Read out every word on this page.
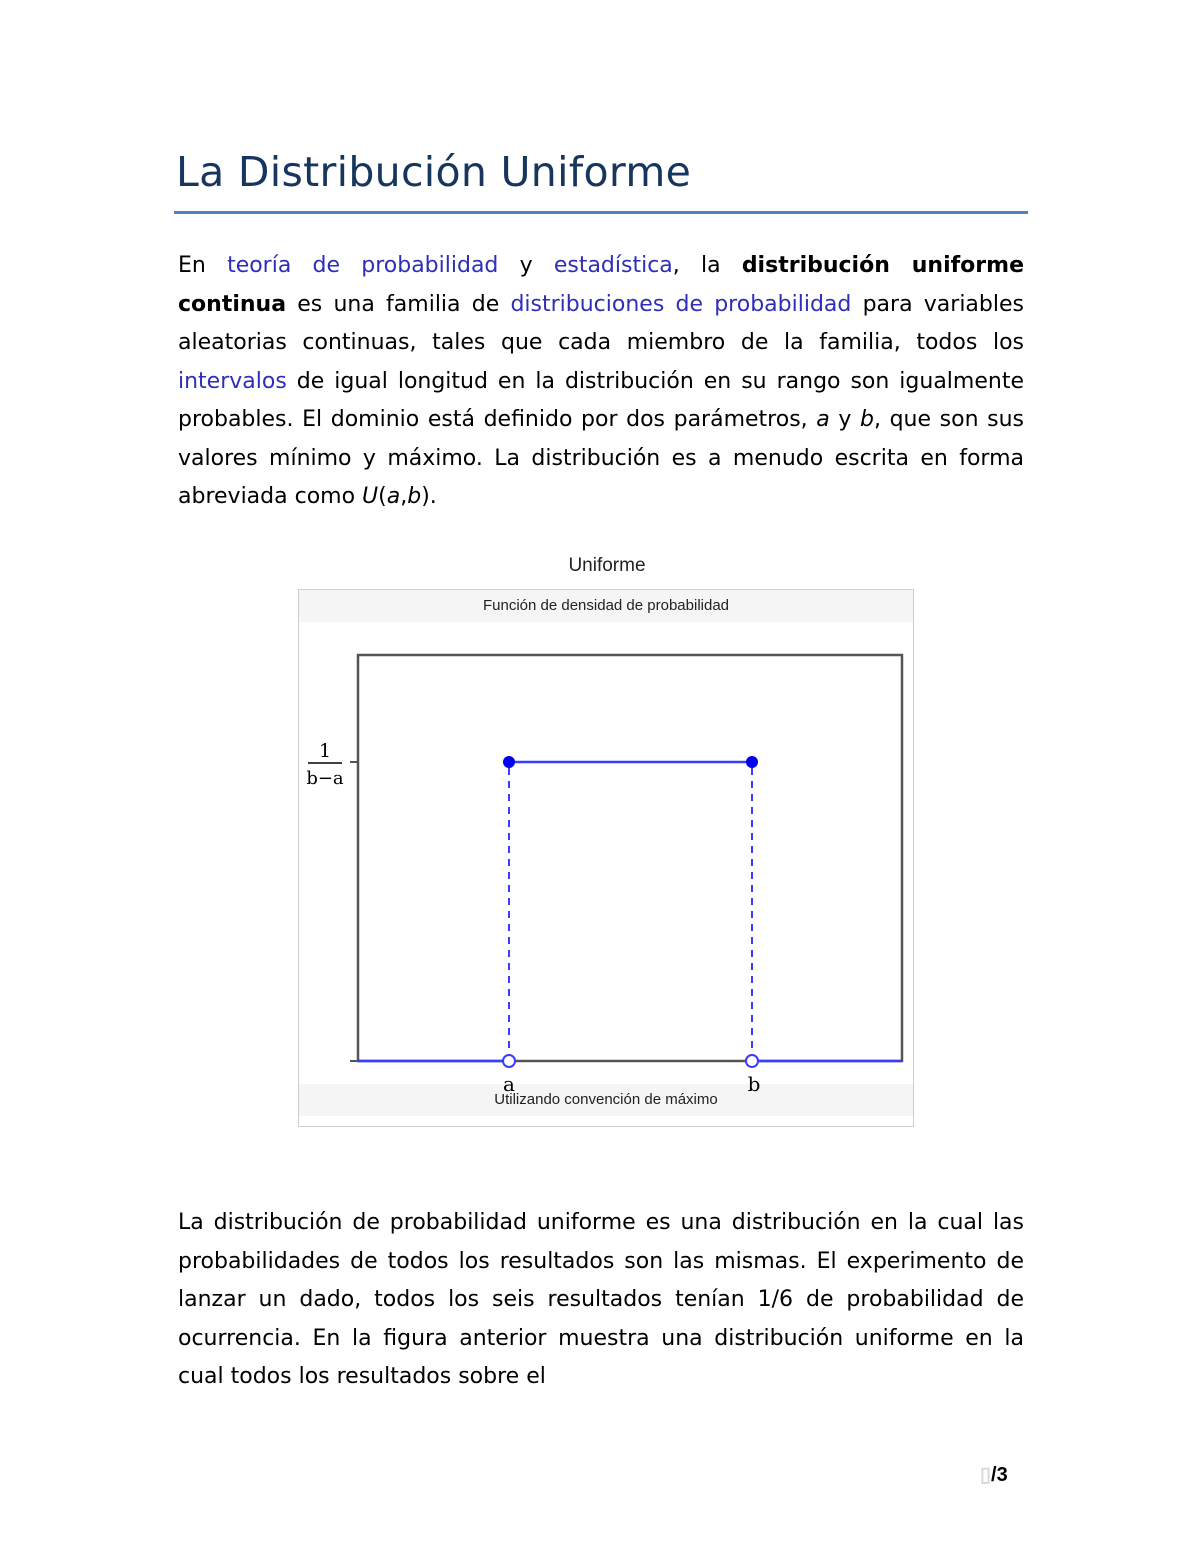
La Distribución Uniforme

En teoría de probabilidad y estadística, la distribución uniforme continua es una familia de distribuciones de probabilidad para variables aleatorias continuas, tales que cada miembro de la familia, todos los intervalos de igual longitud en la distribución en su rango son igualmente probables. El dominio está definido por dos parámetros, a y b, que son sus valores mínimo y máximo. La distribución es a menudo escrita en forma abreviada como U(a,b).

Uniforme
Función de densidad de probabilidad
Utilizando convención de máximo
1
b−a
a	b
La distribución de probabilidad uniforme es una distribución en la cual las probabilidades de todos los resultados son las mismas. El experimento de lanzar un dado, todos los seis resultados tenían 1/6 de probabilidad de ocurrencia. En la figura anterior muestra una distribución uniforme en la cual todos los resultados sobre el
▯/3
